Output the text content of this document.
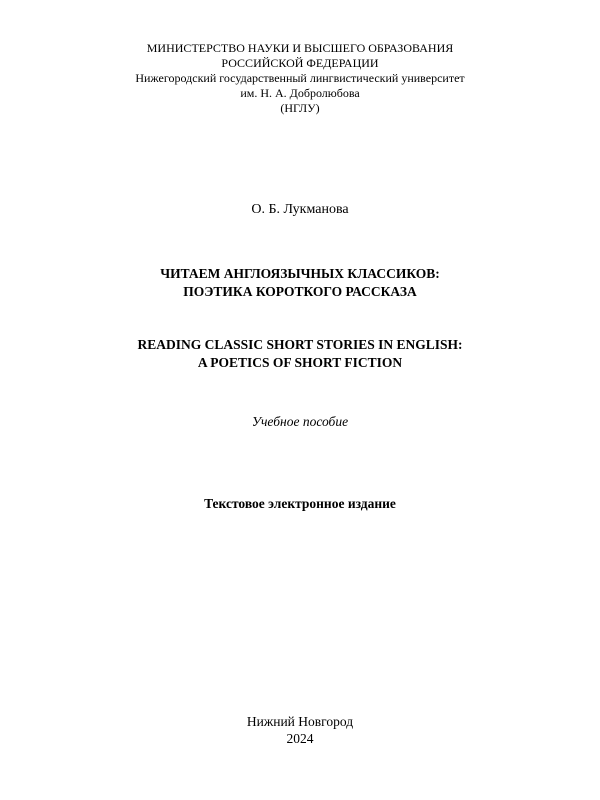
МИНИСТЕРСТВО НАУКИ И ВЫСШЕГО ОБРАЗОВАНИЯ
РОССИЙСКОЙ ФЕДЕРАЦИИ
Нижегородский государственный лингвистический университет
им. Н. А. Добролюбова
(НГЛУ)
О. Б. Лукманова
ЧИТАЕМ АНГЛОЯЗЫЧНЫХ КЛАССИКОВ:
ПОЭТИКА КОРОТКОГО РАССКАЗА
READING CLASSIC SHORT STORIES IN ENGLISH:
A POETICS OF SHORT FICTION
Учебное пособие
Текстовое электронное издание
Нижний Новгород
2024
